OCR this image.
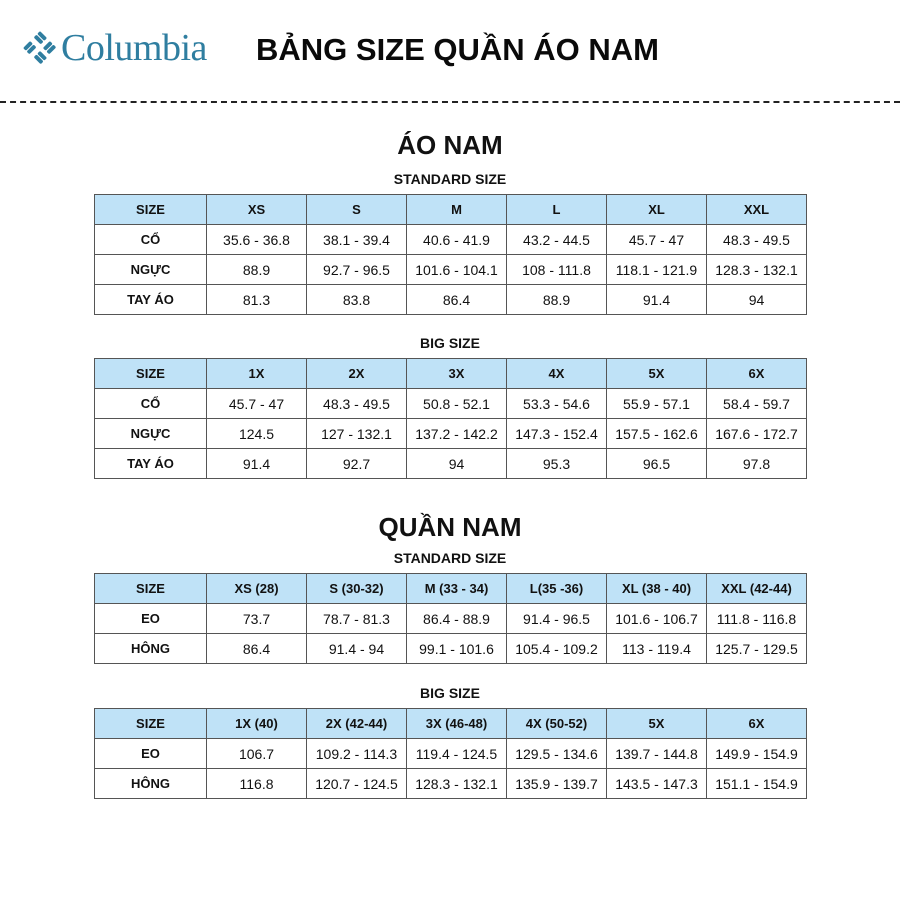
Columbia BẢNG SIZE QUẦN ÁO NAM
ÁO NAM
STANDARD SIZE
SIZE	XS	S	M	L	XL	XXL
CỔ	35.6 - 36.8	38.1 - 39.4	40.6 - 41.9	43.2 - 44.5	45.7 - 47	48.3 - 49.5
NGỰC	88.9	92.7 - 96.5	101.6 - 104.1	108 - 111.8	118.1 - 121.9	128.3 - 132.1
TAY ÁO	81.3	83.8	86.4	88.9	91.4	94
BIG SIZE
SIZE	1X	2X	3X	4X	5X	6X
CỔ	45.7 - 47	48.3 - 49.5	50.8 - 52.1	53.3 - 54.6	55.9 - 57.1	58.4 - 59.7
NGỰC	124.5	127 - 132.1	137.2 - 142.2	147.3 - 152.4	157.5 - 162.6	167.6 - 172.7
TAY ÁO	91.4	92.7	94	95.3	96.5	97.8
QUẦN NAM
STANDARD SIZE
SIZE	XS (28)	S (30-32)	M (33 - 34)	L(35 -36)	XL (38 - 40)	XXL (42-44)
EO	73.7	78.7 - 81.3	86.4 - 88.9	91.4 - 96.5	101.6 - 106.7	111.8 - 116.8
HÔNG	86.4	91.4 - 94	99.1 - 101.6	105.4 - 109.2	113 - 119.4	125.7 - 129.5
BIG SIZE
SIZE	1X (40)	2X (42-44)	3X (46-48)	4X (50-52)	5X	6X
EO	106.7	109.2 - 114.3	119.4 - 124.5	129.5 - 134.6	139.7 - 144.8	149.9 - 154.9
HÔNG	116.8	120.7 - 124.5	128.3 - 132.1	135.9 - 139.7	143.5 - 147.3	151.1 - 154.9
